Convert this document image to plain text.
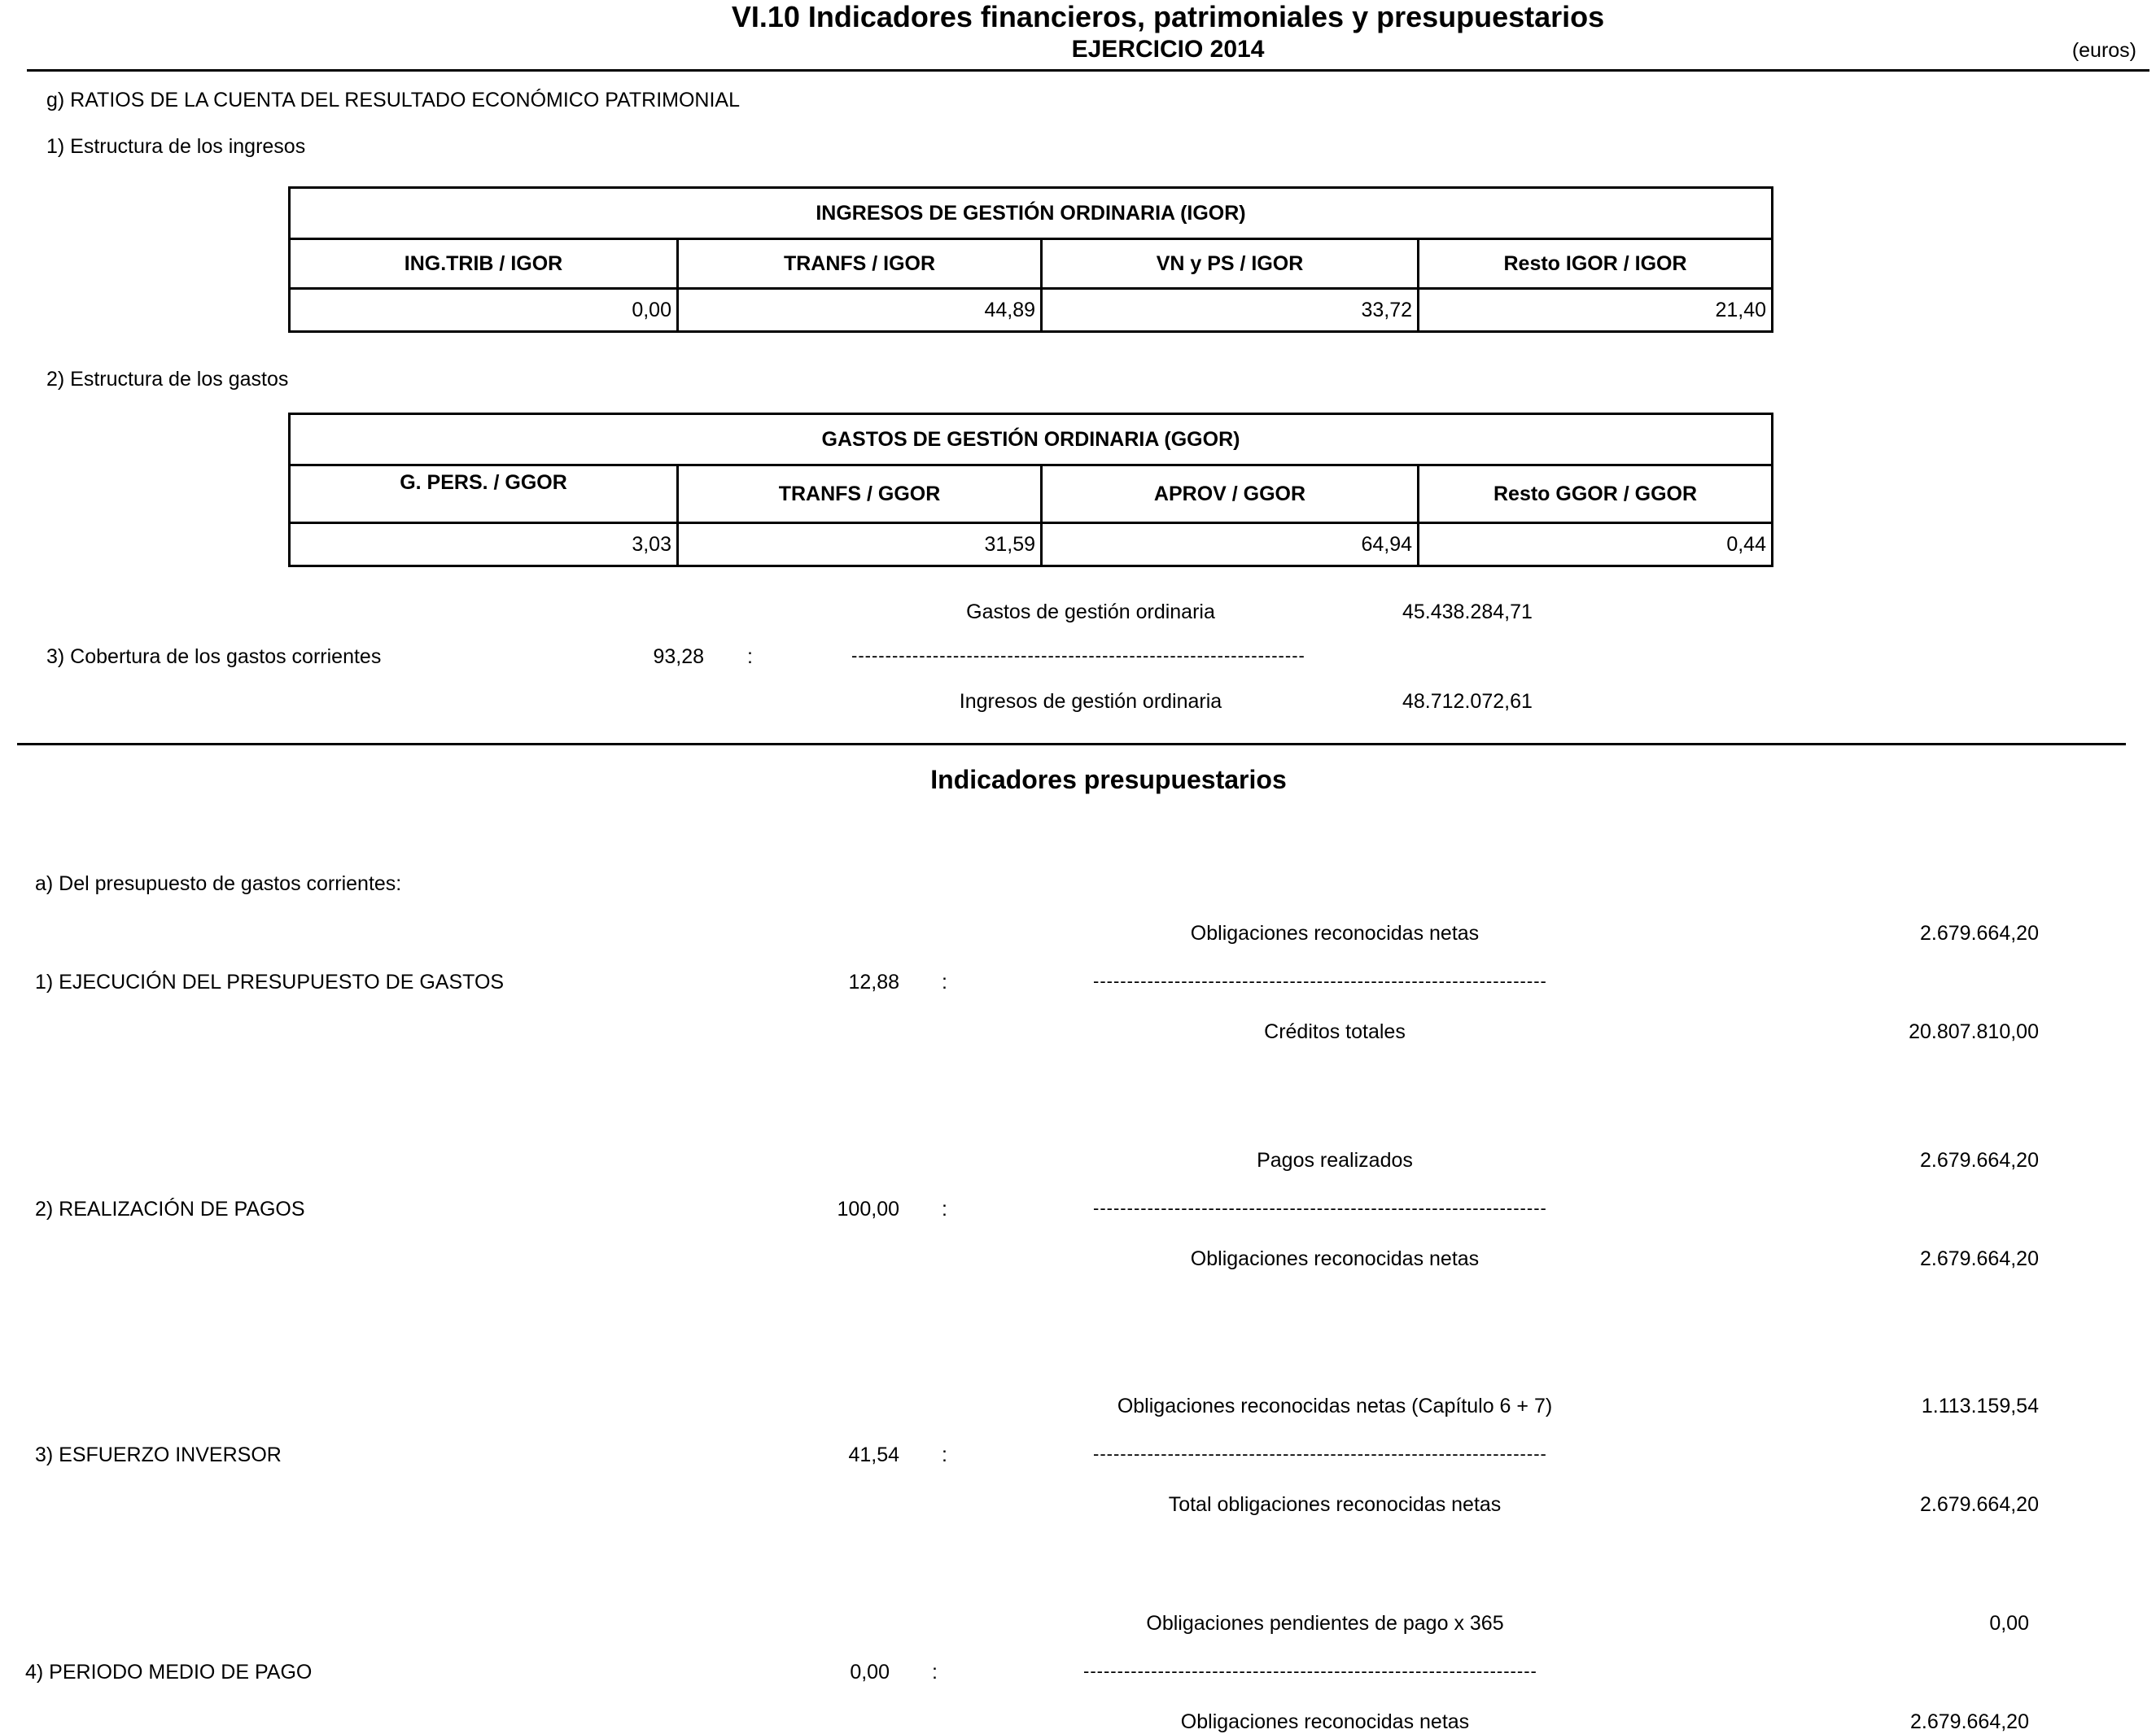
VI.10 Indicadores financieros, patrimoniales y presupuestarios
EJERCICIO 2014	(euros)
g) RATIOS DE LA CUENTA DEL RESULTADO ECONÓMICO PATRIMONIAL
1) Estructura de los ingresos
INGRESOS DE GESTIÓN ORDINARIA (IGOR)			
ING.TRIB / IGOR	TRANFS / IGOR	VN y PS / IGOR	Resto IGOR / IGOR
0,00	44,89	33,72	21,40
2) Estructura de los gastos
GASTOS DE GESTIÓN ORDINARIA (GGOR)			
G. PERS. / GGOR	TRANFS / GGOR	APROV / GGOR	Resto GGOR / GGOR
3,03	31,59	64,94	0,44
Gastos de gestión ordinaria	45.438.284,71
3) Cobertura de los gastos corrientes	93,28 :	-------------------------------------------------------------------
Ingresos de gestión ordinaria	48.712.072,61
Indicadores presupuestarios
a) Del presupuesto de gastos corrientes:
Obligaciones reconocidas netas	2.679.664,20
1) EJECUCIÓN DEL PRESUPUESTO DE GASTOS	12,88 :	-------------------------------------------------------------------
Créditos totales	20.807.810,00
Pagos realizados	2.679.664,20
2) REALIZACIÓN DE PAGOS	100,00 :	-------------------------------------------------------------------
Obligaciones reconocidas netas	2.679.664,20
Obligaciones reconocidas netas (Capítulo 6 + 7)	1.113.159,54
3) ESFUERZO INVERSOR	41,54 :	-------------------------------------------------------------------
Total obligaciones reconocidas netas	2.679.664,20
Obligaciones pendientes de pago x 365	0,00
4) PERIODO MEDIO DE PAGO	0,00 :	-------------------------------------------------------------------
Obligaciones reconocidas netas	2.679.664,20
